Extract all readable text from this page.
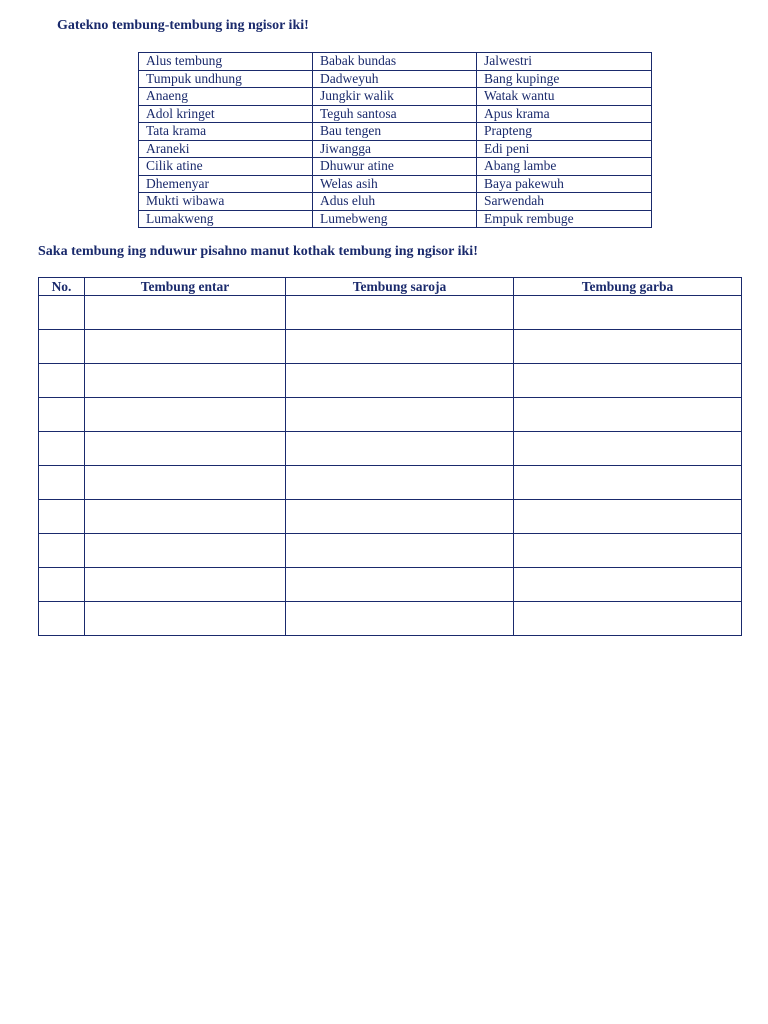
Gatekno tembung-tembung ing ngisor iki!

Alus tembung	Babak bundas	Jalwestri
Tumpuk undhung	Dadweyuh	Bang kupinge
Anaeng	Jungkir walik	Watak wantu
Adol kringet	Teguh santosa	Apus krama
Tata krama	Bau tengen	Prapteng
Araneki	Jiwangga	Edi peni
Cilik atine	Dhuwur atine	Abang lambe
Dhemenyar	Welas asih	Baya pakewuh
Mukti wibawa	Adus eluh	Sarwendah
Lumakweng	Lumebweng	Empuk rembuge

Saka tembung ing nduwur pisahno manut kothak tembung ing ngisor iki!

No.	Tembung entar	Tembung saroja	Tembung garba
